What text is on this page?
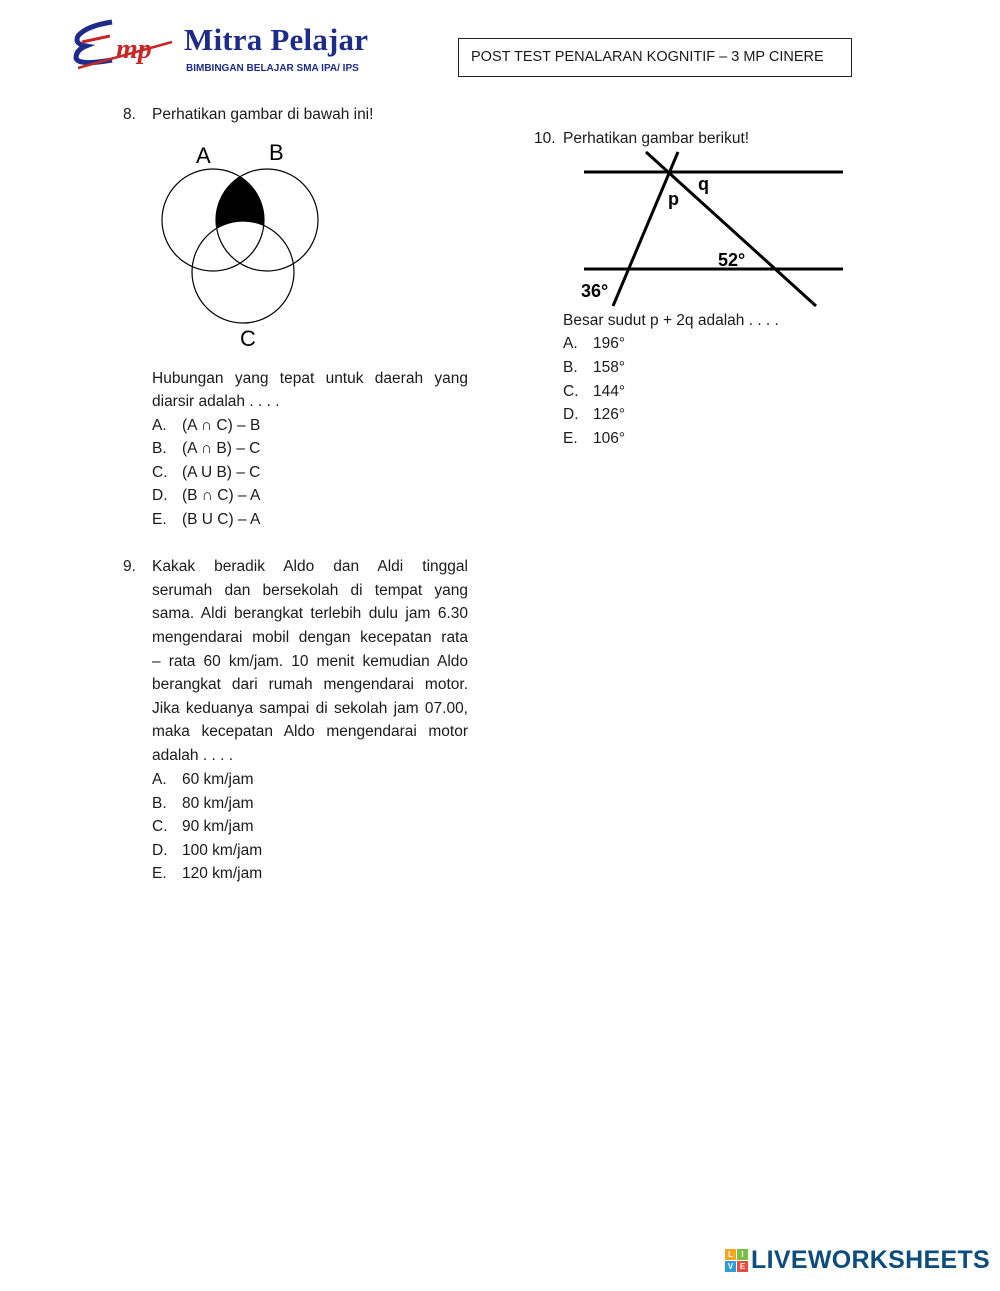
mp Mitra Pelajar
BIMBINGAN BELAJAR SMA IPA/ IPS
POST TEST PENALARAN KOGNITIF – 3 MP CINERE
8. Perhatikan gambar di bawah ini!
A	B
C
Hubungan yang tepat untuk daerah yang
diarsir adalah . . . .
A. (A ∩ C) – B
B. (A ∩ B) – C
C. (A U B) – C
D. (B ∩ C) – A
E. (B U C) – A
9. Kakak beradik Aldo dan Aldi tinggal
serumah dan bersekolah di tempat yang
sama. Aldi berangkat terlebih dulu jam 6.30
mengendarai mobil dengan kecepatan rata
– rata 60 km/jam. 10 menit kemudian Aldo
berangkat dari rumah mengendarai motor.
Jika keduanya sampai di sekolah jam 07.00,
maka kecepatan Aldo mengendarai motor
adalah . . . .
A. 60 km/jam
B. 80 km/jam
C. 90 km/jam
D. 100 km/jam
E. 120 km/jam
10. Perhatikan gambar berikut!
q
p
52°
36°
Besar sudut p + 2q adalah . . . .
A. 196°
B. 158°
C. 144°
D. 126°
E. 106°
L	I
V E LIVEWORKSHEETS
